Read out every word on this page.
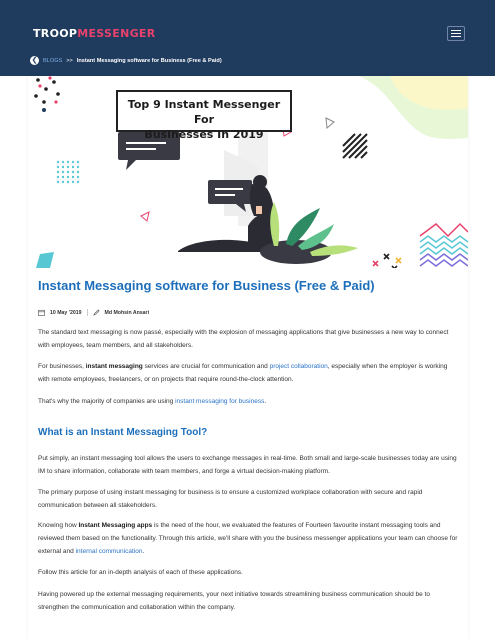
TROOPMESSENGER
❮ BLOGS >> Instant Messaging software for Business (Free & Paid)
Top 9 Instant Messenger For
Businesses In 2019
Instant Messaging software for Business (Free & Paid)
10 May '2019	Md Mohsin Ansari

The standard text messaging is now passé, especially with the explosion of messaging applications that give businesses a new way to connect with employees, team members, and all stakeholders.

For businesses, instant messaging services are crucial for communication and project collaboration, especially when the employer is working with remote employees, freelancers, or on projects that require round-the-clock attention.

That's why the majority of companies are using instant messaging for business.

What is an Instant Messaging Tool?

Put simply, an instant messaging tool allows the users to exchange messages in real-time. Both small and large-scale businesses today are using IM to share information, collaborate with team members, and forge a virtual decision-making platform.

The primary purpose of using instant messaging for business is to ensure a customized workplace collaboration with secure and rapid communication between all stakeholders.

Knowing how Instant Messaging apps is the need of the hour, we evaluated the features of Fourteen favourite instant messaging tools and reviewed them based on the functionality. Through this article, we'll share with you the business messenger applications your team can choose for external and internal communication.

Follow this article for an in-depth analysis of each of these applications.

Having powered up the external messaging requirements, your next initiative towards streamlining business communication should be to strengthen the communication and collaboration within the company.
